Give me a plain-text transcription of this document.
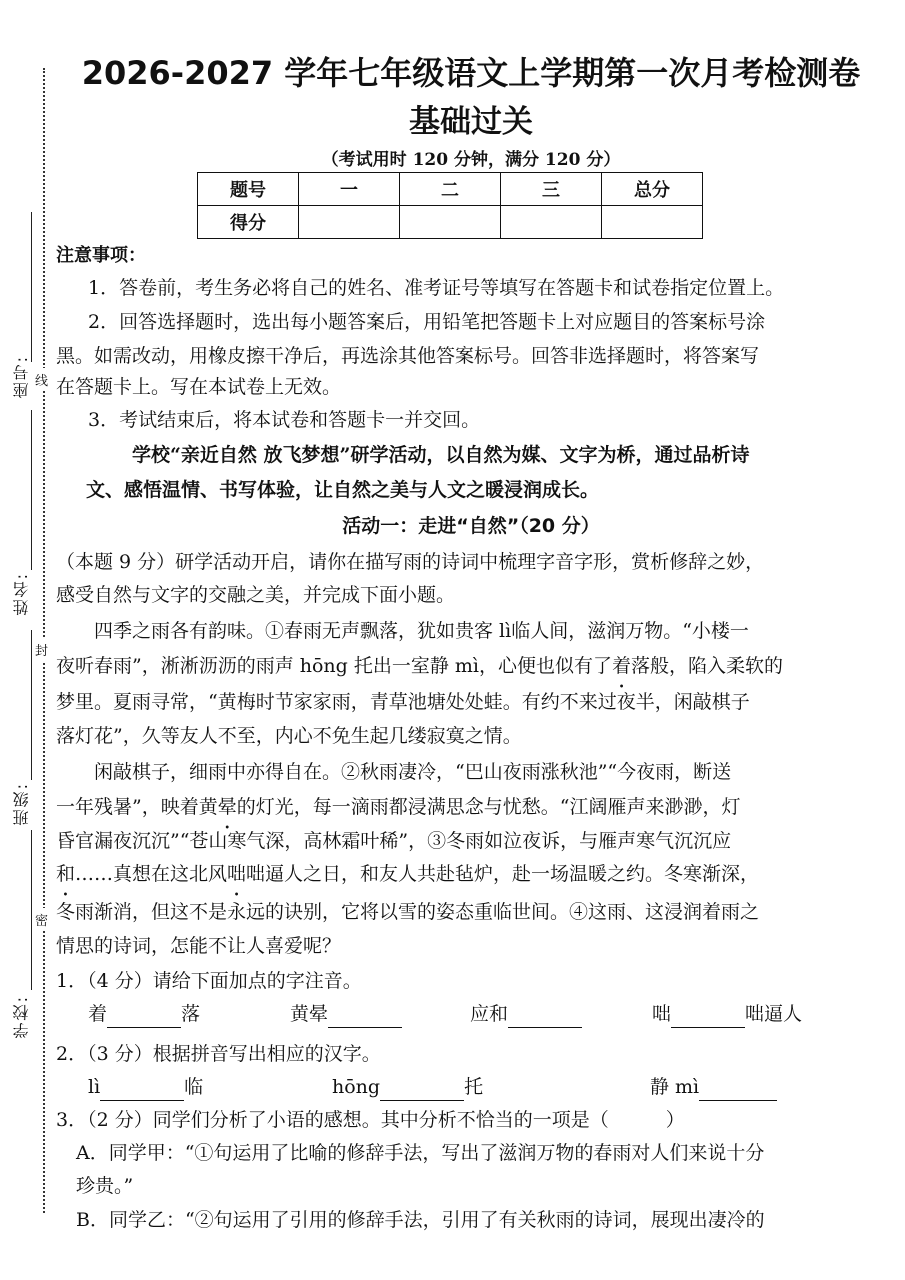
座号:
姓名:
班级:
学校:
线
封
密
2026-2027 学年七年级语文上学期第一次月考检测卷
基础过关
（考试用时 120 分钟，满分 120 分）
题号	一	二	三	总分
得分				
注意事项：
1．答卷前，考生务必将自己的姓名、准考证号等填写在答题卡和试卷指定位置上。
2．回答选择题时，选出每小题答案后，用铅笔把答题卡上对应题目的答案标号涂
黑。如需改动，用橡皮擦干净后，再选涂其他答案标号。回答非选择题时，将答案写
在答题卡上。写在本试卷上无效。
3．考试结束后，将本试卷和答题卡一并交回。
学校“亲近自然 放飞梦想”研学活动，以自然为媒、文字为桥，通过品析诗
文、感悟温情、书写体验，让自然之美与人文之暖浸润成长。
活动一：走进“自然”（20 分）
（本题 9 分）研学活动开启，请你在描写雨的诗词中梳理字音字形，赏析修辞之妙，
感受自然与文字的交融之美，并完成下面小题。
四季之雨各有韵味。①春雨无声飘落，犹如贵客 lì临人间，滋润万物。“小楼一
夜听春雨”，淅淅沥沥的雨声 hōng 托出一室静 mì，心便也似有了着落般，陷入柔软的
梦里。夏雨寻常，“黄梅时节家家雨，青草池塘处处蛙。有约不来过夜半，闲敲棋子
落灯花”，久等友人不至，内心不免生起几缕寂寞之情。
闲敲棋子，细雨中亦得自在。②秋雨凄冷，“巴山夜雨涨秋池”“今夜雨，断送
一年残暑”，映着黄晕的灯光，每一滴雨都浸满思念与忧愁。“江阔雁声来渺渺，灯
昏官漏夜沉沉”“苍山寒气深，高林霜叶稀”，③冬雨如泣夜诉，与雁声寒气沉沉应
和……真想在这北风咄咄逼人之日，和友人共赴毡炉，赴一场温暖之约。冬寒渐深，
冬雨渐消，但这不是永远的诀别，它将以雪的姿态重临世间。④这雨、这浸润着雨之
情思的诗词，怎能不让人喜爱呢？
1．（4 分）请给下面加点的字注音。
着	落	黄晕	应和	咄	咄逼人
2．（3 分）根据拼音写出相应的汉字。
lì	临	hōng	托	静 mì
3．（2 分）同学们分析了小语的感想。其中分析不恰当的一项是（　　　）
A．同学甲：“①句运用了比喻的修辞手法，写出了滋润万物的春雨对人们来说十分
珍贵。”
B．同学乙：“②句运用了引用的修辞手法，引用了有关秋雨的诗词，展现出凄冷的
